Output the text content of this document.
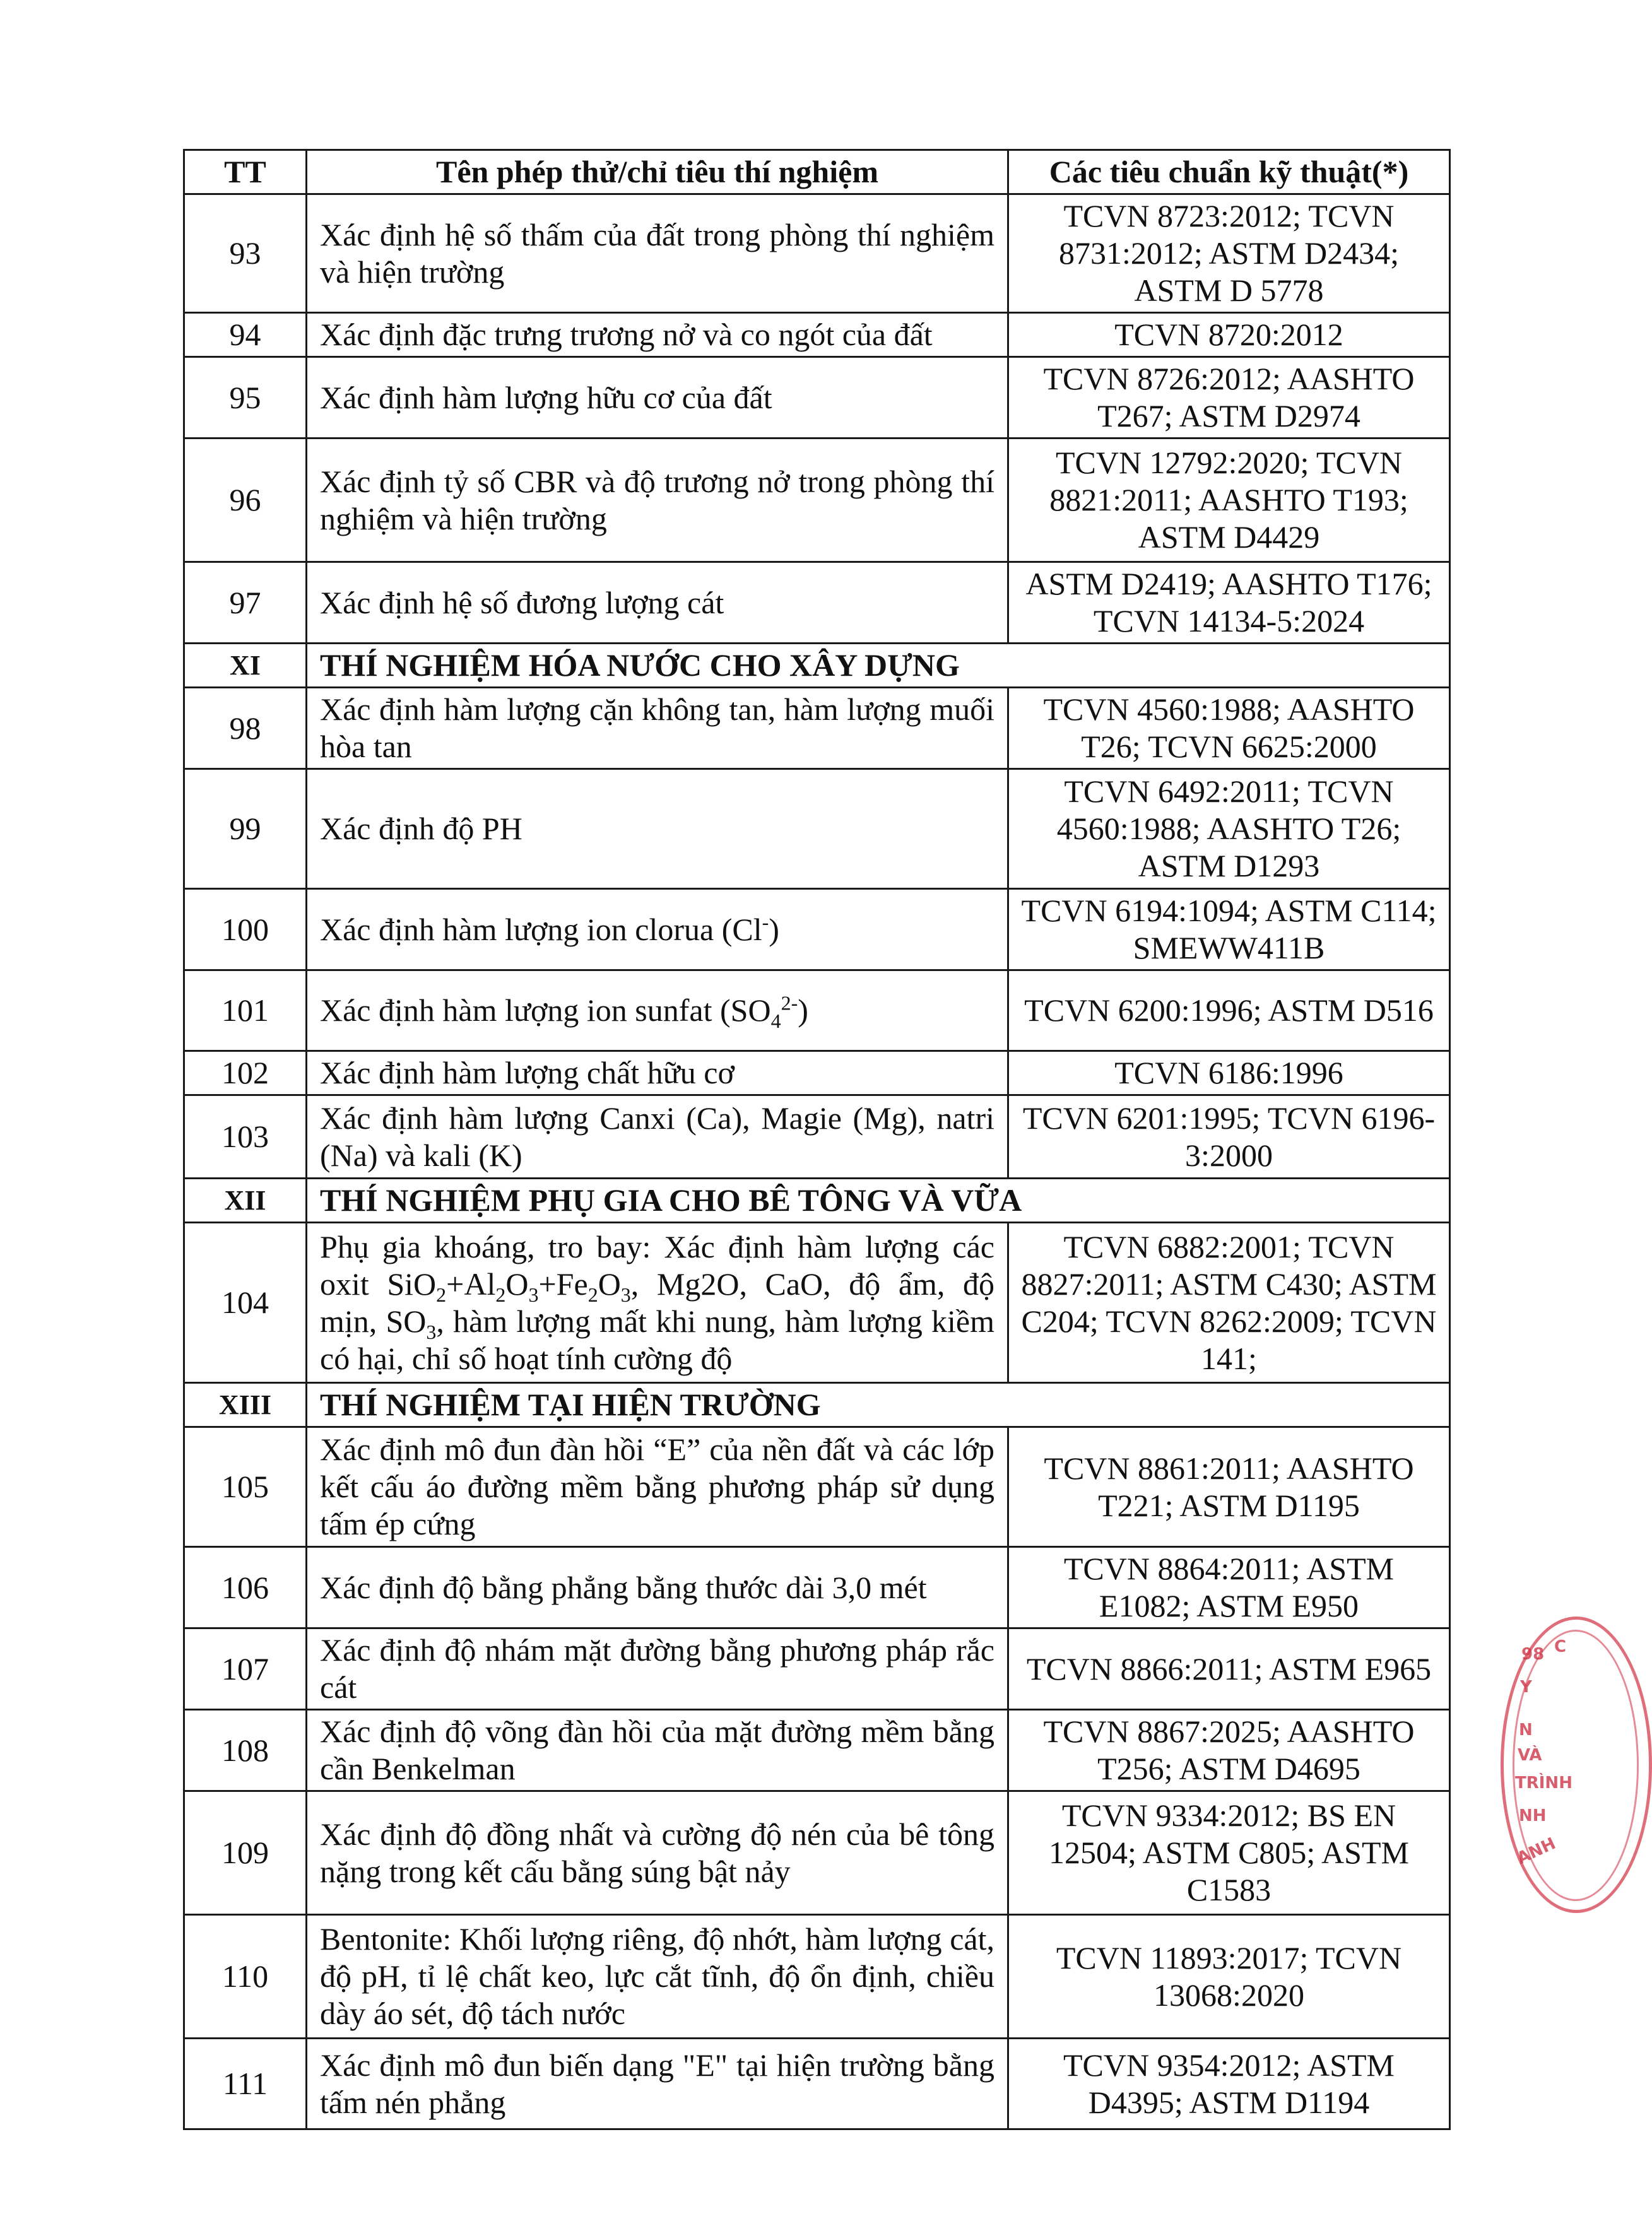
TT	Tên phép thử/chỉ tiêu thí nghiệm	Các tiêu chuẩn kỹ thuật(*)
93	Xác định hệ số thấm của đất trong phòng thí nghiệm và hiện trường	TCVN 8723:2012; TCVN 8731:2012; ASTM D2434; ASTM D 5778
94	Xác định đặc trưng trương nở và co ngót của đất	TCVN 8720:2012
95	Xác định hàm lượng hữu cơ của đất	TCVN 8726:2012; AASHTO T267; ASTM D2974
96	Xác định tỷ số CBR và độ trương nở trong phòng thí nghiệm và hiện trường	TCVN 12792:2020; TCVN 8821:2011; AASHTO T193; ASTM D4429
97	Xác định hệ số đương lượng cát	ASTM D2419; AASHTO T176; TCVN 14134-5:2024
XI	THÍ NGHIỆM HÓA NƯỚC CHO XÂY DỰNG	
98	Xác định hàm lượng cặn không tan, hàm lượng muối hòa tan	TCVN 4560:1988; AASHTO T26; TCVN 6625:2000
99	Xác định độ PH	TCVN 6492:2011; TCVN 4560:1988; AASHTO T26; ASTM D1293
100	Xác định hàm lượng ion clorua (Cl-)	TCVN 6194:1094; ASTM C114; SMEWW411B
101	Xác định hàm lượng ion sunfat $(SO_4^{2-})$	TCVN 6200:1996; ASTM D516
102	Xác định hàm lượng chất hữu cơ	TCVN 6186:1996
103	Xác định hàm lượng Canxi (Ca), Magie (Mg), natri (Na) và kali (K)	TCVN 6201:1995; TCVN 6196-3:2000
XII	THÍ NGHIỆM PHỤ GIA CHO BÊ TÔNG VÀ VỮA	
104	Phụ gia khoáng, tro bay: Xác định hàm lượng các oxit $SiO_2+Al_2O_3+Fe_2O_3$, Mg2O, CaO, độ ẩm, độ mịn, $SO_3$, hàm lượng mất khi nung, hàm lượng kiềm có hại, chỉ số hoạt tính cường độ	TCVN 6882:2001; TCVN 8827:2011; ASTM C430; ASTM C204; TCVN 8262:2009; TCVN 141;
XIII	THÍ NGHIỆM TẠI HIỆN TRƯỜNG	
105	Xác định mô đun đàn hồi “E” của nền đất và các lớp kết cấu áo đường mềm bằng phương pháp sử dụng tấm ép cứng	TCVN 8861:2011; AASHTO T221; ASTM D1195
106	Xác định độ bằng phẳng bằng thước dài 3,0 mét	TCVN 8864:2011; ASTM E1082; ASTM E950
107	Xác định độ nhám mặt đường bằng phương pháp rắc cát	TCVN 8866:2011; ASTM E965
108	Xác định độ võng đàn hồi của mặt đường mềm bằng cần Benkelman	TCVN 8867:2025; AASHTO T256; ASTM D4695
109	Xác định độ đồng nhất và cường độ nén của bê tông nặng trong kết cấu bằng súng bật nảy	TCVN 9334:2012; BS EN 12504; ASTM C805; ASTM C1583
110	Bentonite: Khối lượng riêng, độ nhớt, hàm lượng cát, độ pH, tỉ lệ chất keo, lực cắt tĩnh, độ ổn định, chiều dày áo sét, độ tách nước	TCVN 11893:2017; TCVN 13068:2020
111	Xác định mô đun biến dạng "E" tại hiện trường bằng tấm nén phẳng	TCVN 9354:2012; ASTM D4395; ASTM D1194
98 C
Y
N
VÀ
TRÌNH
NH
ANH
